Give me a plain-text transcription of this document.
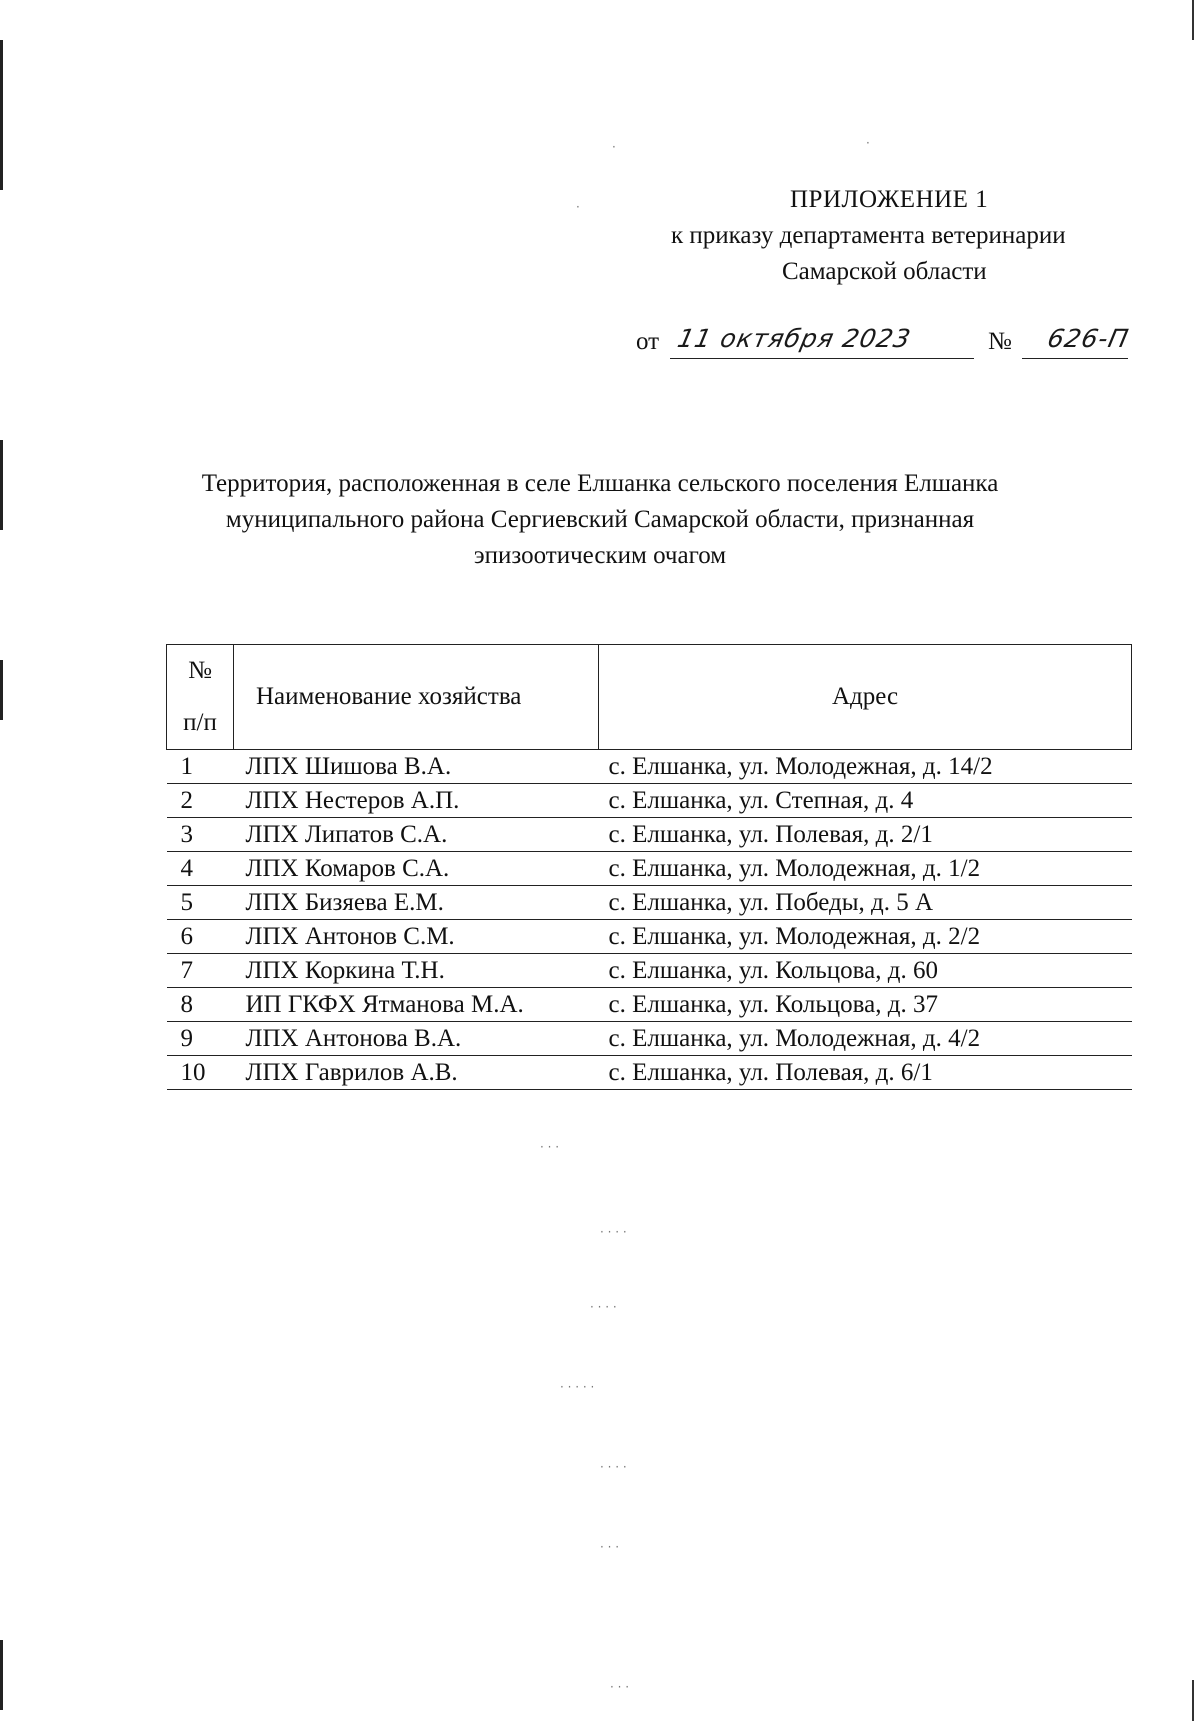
ПРИЛОЖЕНИЕ 1
к приказу департамента ветеринарии
Самарской области
от 11 октября 2023	№ 626-П
Территория, расположенная в селе Елшанка сельского поселения Елшанка
муниципального района Сергиевский Самарской области, признанная
эпизоотическим очагом
№
п/п	Наименование хозяйства	Адрес
1	ЛПХ Шишова В.А.	с. Елшанка, ул. Молодежная, д. 14/2
2	ЛПХ Нестеров А.П.	с. Елшанка, ул. Степная, д. 4
3	ЛПХ Липатов С.А.	с. Елшанка, ул. Полевая, д. 2/1
4	ЛПХ Комаров С.А.	с. Елшанка, ул. Молодежная, д. 1/2
5	ЛПХ Бизяева Е.М.	с. Елшанка, ул. Победы, д. 5 А
6	ЛПХ Антонов С.М.	с. Елшанка, ул. Молодежная, д. 2/2
7	ЛПХ Коркина Т.Н.	с. Елшанка, ул. Кольцова, д. 60
8	ИП ГКФХ Ятманова М.А.	с. Елшанка, ул. Кольцова, д. 37
9	ЛПХ Антонова В.А.	с. Елшанка, ул. Молодежная, д. 4/2
10	ЛПХ Гаврилов А.В.	с. Елшанка, ул. Полевая, д. 6/1
·	·
·
· · ·
· · · ·
· · · ·
· · · · ·
· · · ·
· · ·
· · ·
